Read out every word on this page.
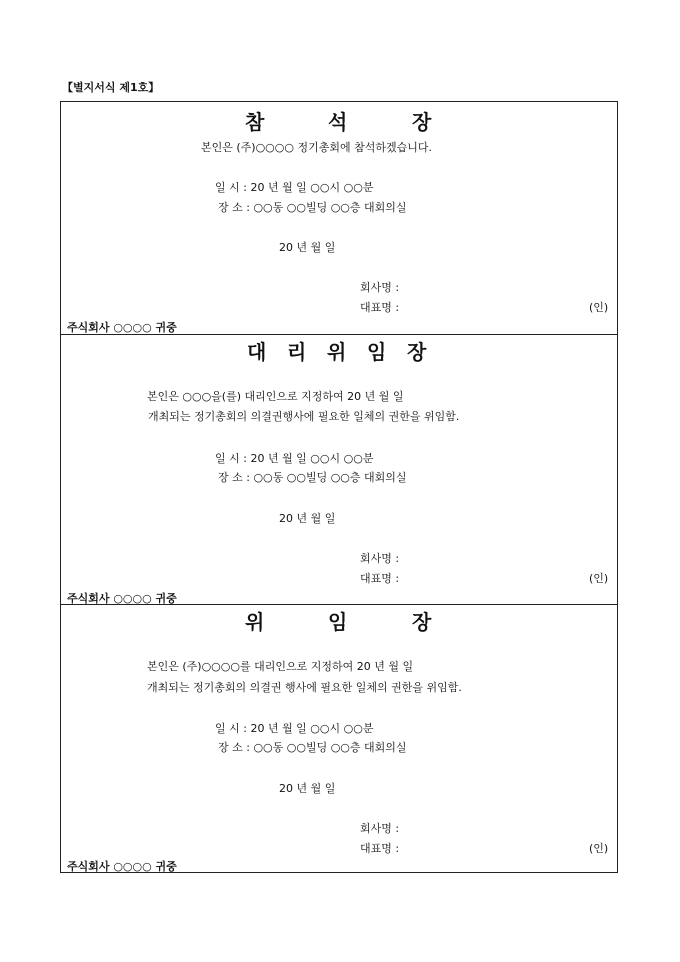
【별지서식 제1호】
참	석	장
본인은 (주)○○○○ 정기총회에 참석하겠습니다.
일 시 : 20 년 월 일 ○○시 ○○분
장 소 : ○○동 ○○빌딩 ○○층 대회의실
20 년 월 일
회사명 :
대표명 :	(인)
주식회사 ○○○○ 귀중
대 리 위 임 장
본인은 ○○○을(를) 대리인으로 지정하여 20 년 월 일
개최되는 정기총회의 의결권행사에 필요한 일체의 권한을 위임함.
일 시 : 20 년 월 일 ○○시 ○○분
장 소 : ○○동 ○○빌딩 ○○층 대회의실
20 년 월 일
회사명 :
대표명 :	(인)
주식회사 ○○○○ 귀중
위	임	장
본인은 (주)○○○○를 대리인으로 지정하여 20 년 월 일
개최되는 정기총회의 의결권 행사에 필요한 일체의 권한을 위임함.
일 시 : 20 년 월 일 ○○시 ○○분
장 소 : ○○동 ○○빌딩 ○○층 대회의실
20 년 월 일
회사명 :
대표명 :	(인)
주식회사 ○○○○ 귀중
